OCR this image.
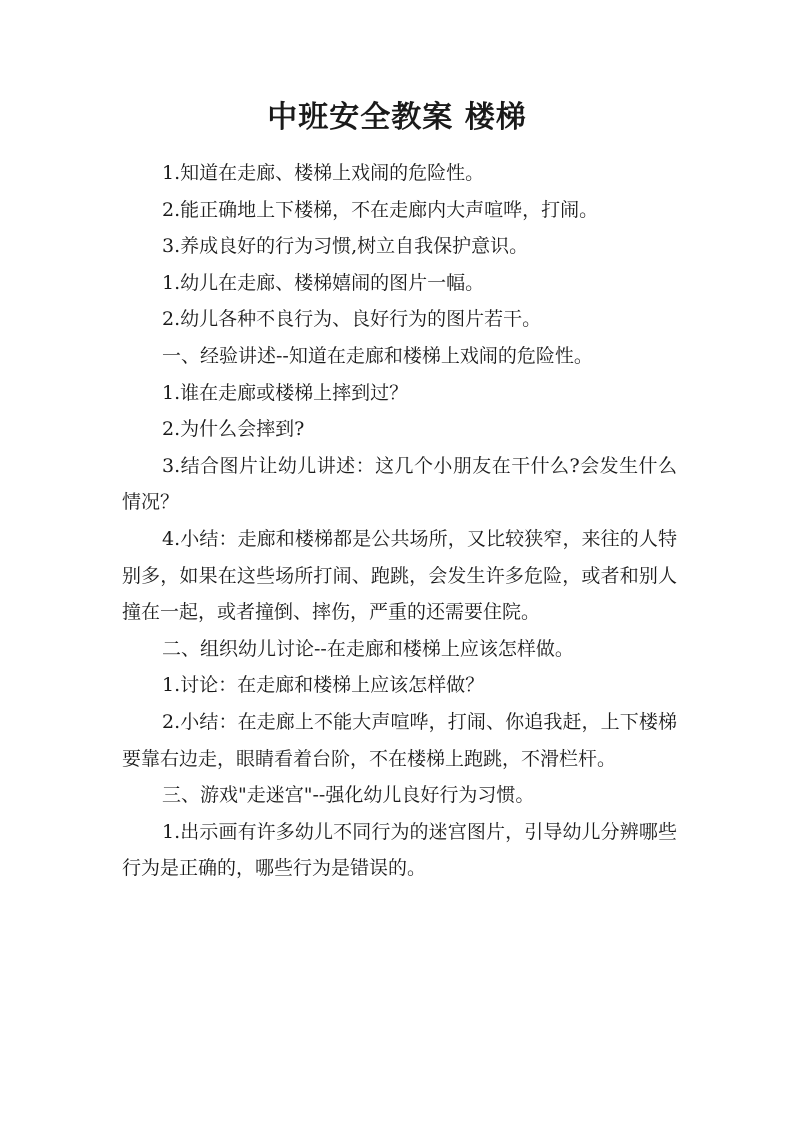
中班安全教案 楼梯

1.知道在走廊、楼梯上戏闹的危险性。

2.能正确地上下楼梯，不在走廊内大声喧哗，打闹。

3.养成良好的行为习惯,树立自我保护意识。

1.幼儿在走廊、楼梯嬉闹的图片一幅。

2.幼儿各种不良行为、良好行为的图片若干。

一、经验讲述--知道在走廊和楼梯上戏闹的危险性。

1.谁在走廊或楼梯上摔到过？

2.为什么会摔到?

3.结合图片让幼儿讲述：这几个小朋友在干什么?会发生什么情况？

4.小结：走廊和楼梯都是公共场所，又比较狭窄，来往的人特别多，如果在这些场所打闹、跑跳，会发生许多危险，或者和别人撞在一起，或者撞倒、摔伤，严重的还需要住院。

二、组织幼儿讨论--在走廊和楼梯上应该怎样做。

1.讨论：在走廊和楼梯上应该怎样做？

2.小结：在走廊上不能大声喧哗，打闹、你追我赶，上下楼梯要靠右边走，眼睛看着台阶，不在楼梯上跑跳，不滑栏杆。

三、游戏"走迷宫"--强化幼儿良好行为习惯。

1.出示画有许多幼儿不同行为的迷宫图片，引导幼儿分辨哪些行为是正确的，哪些行为是错误的。
